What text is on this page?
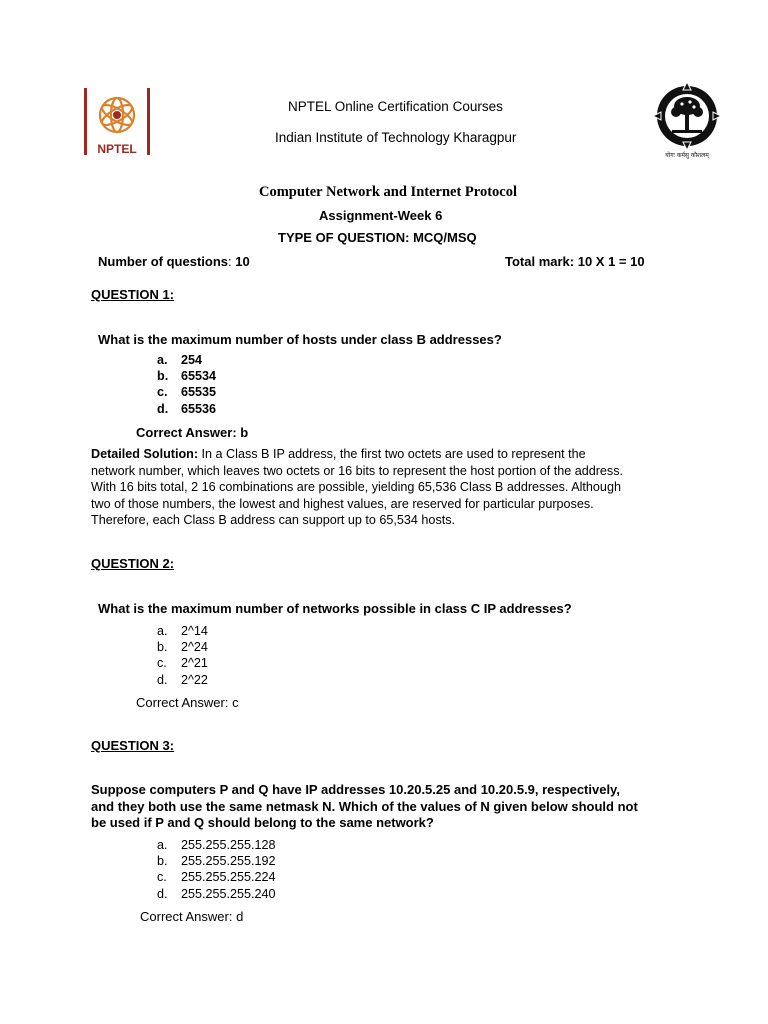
NPTEL	योगः कर्मसु कौशलम्
NPTEL Online Certification Courses
Indian Institute of Technology Kharagpur
Computer Network and Internet Protocol
Assignment-Week 6
TYPE OF QUESTION: MCQ/MSQ
Number of questions: 10	Total mark: 10 X 1 = 10
QUESTION 1:
What is the maximum number of hosts under class B addresses?
a. 254
b. 65534
c. 65535
d. 65536
Correct Answer: b
Detailed Solution: In a Class B IP address, the first two octets are used to represent the
network number, which leaves two octets or 16 bits to represent the host portion of the address.
With 16 bits total, 2 16 combinations are possible, yielding 65,536 Class B addresses. Although
two of those numbers, the lowest and highest values, are reserved for particular purposes.
Therefore, each Class B address can support up to 65,534 hosts.
QUESTION 2:
What is the maximum number of networks possible in class C IP addresses?
a. 2^14
b. 2^24
c. 2^21
d. 2^22
Correct Answer: c
QUESTION 3:
Suppose computers P and Q have IP addresses 10.20.5.25 and 10.20.5.9, respectively,
and they both use the same netmask N. Which of the values of N given below should not
be used if P and Q should belong to the same network?
a. 255.255.255.128
b. 255.255.255.192
c. 255.255.255.224
d. 255.255.255.240
Correct Answer: d
